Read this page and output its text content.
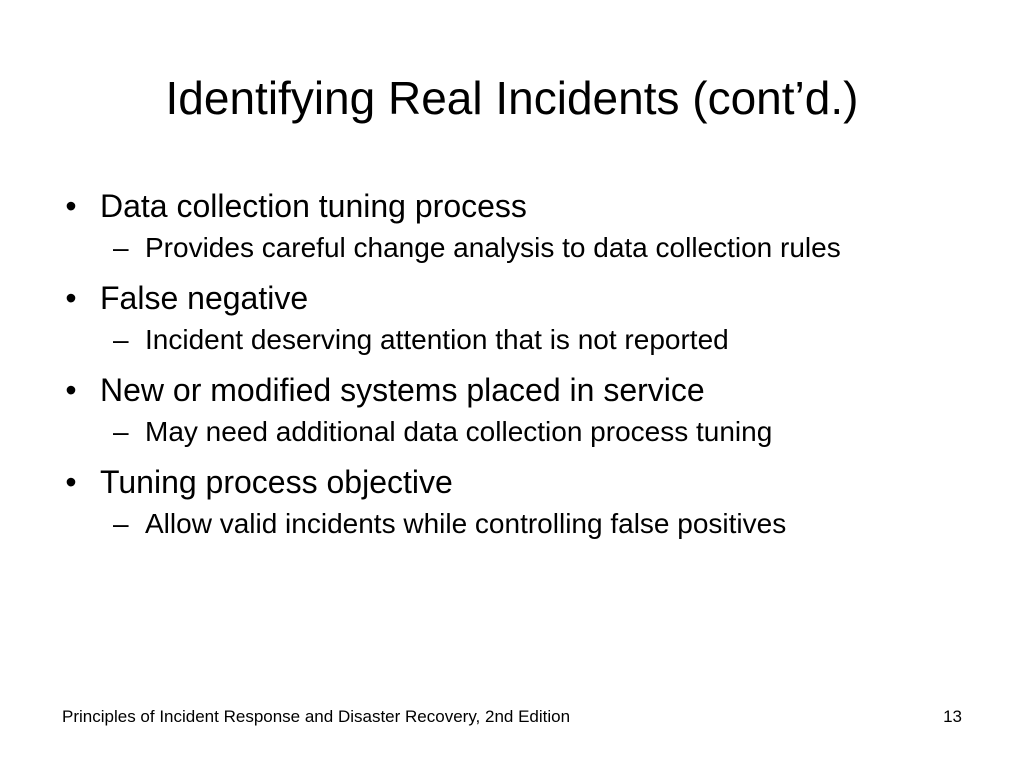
Identifying Real Incidents (cont’d.)
• Data collection tuning process
– Provides careful change analysis to data collection rules
• False negative
– Incident deserving attention that is not reported
• New or modified systems placed in service
– May need additional data collection process tuning
• Tuning process objective
– Allow valid incidents while controlling false positives
Principles of Incident Response and Disaster Recovery, 2nd Edition	13
